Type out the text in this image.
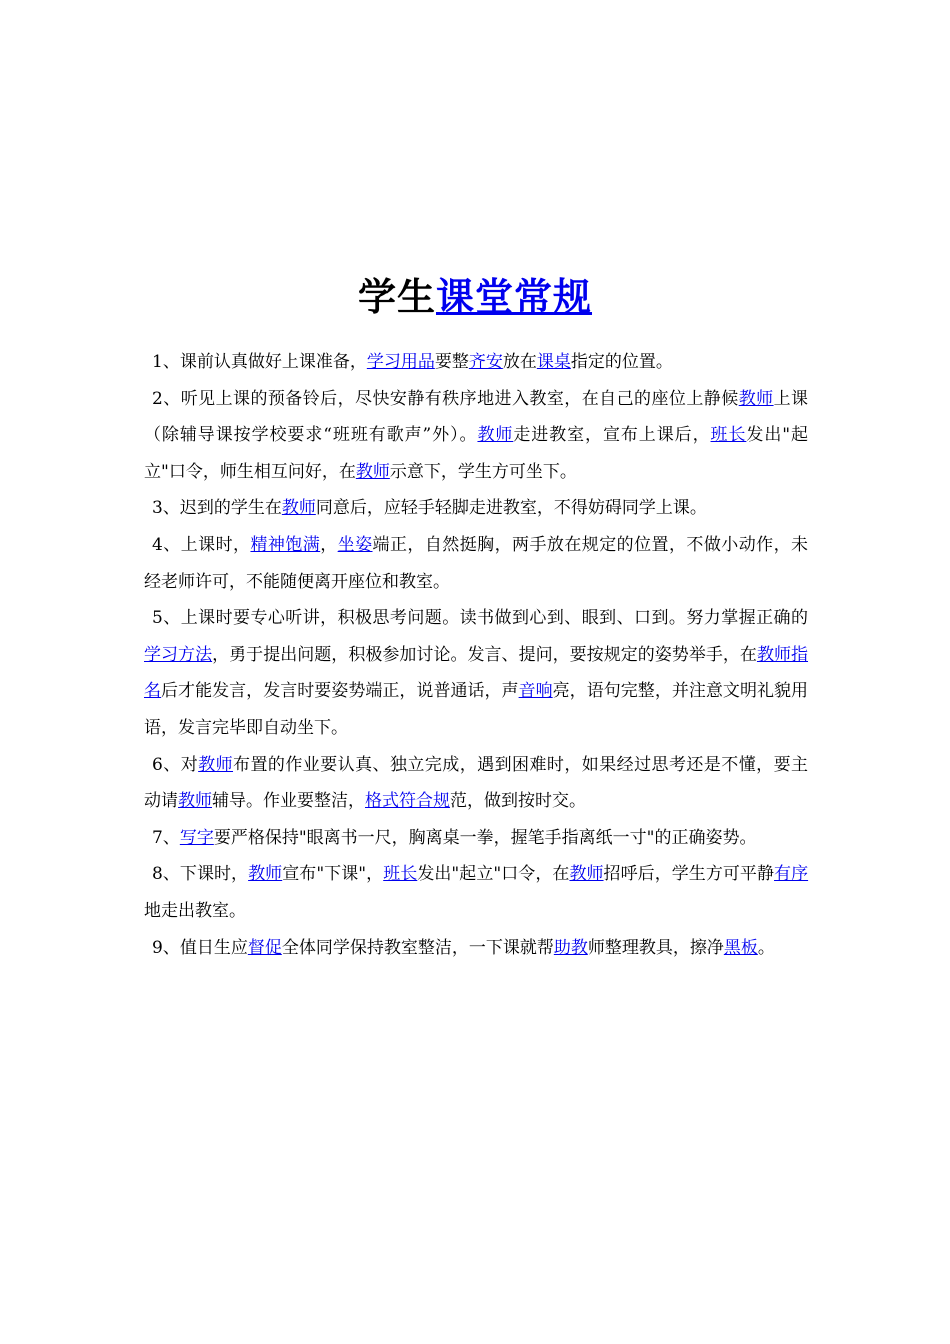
学生课堂常规

1、课前认真做好上课准备，学习用品要整齐安放在课桌指定的位置。

2、听见上课的预备铃后，尽快安静有秩序地进入教室，在自己的座位上静候教师上课（除辅导课按学校要求“班班有歌声”外）。教师走进教室，宣布上课后，班长发出"起立"口令，师生相互问好，在教师示意下，学生方可坐下。

3、迟到的学生在教师同意后，应轻手轻脚走进教室，不得妨碍同学上课。

4、上课时，精神饱满，坐姿端正，自然挺胸，两手放在规定的位置，不做小动作，未经老师许可，不能随便离开座位和教室。

5、上课时要专心听讲，积极思考问题。读书做到心到、眼到、口到。努力掌握正确的学习方法，勇于提出问题，积极参加讨论。发言、提问，要按规定的姿势举手，在教师指名后才能发言，发言时要姿势端正，说普通话，声音响亮，语句完整，并注意文明礼貌用语，发言完毕即自动坐下。

6、对教师布置的作业要认真、独立完成，遇到困难时，如果经过思考还是不懂，要主动请教师辅导。作业要整洁，格式符合规范，做到按时交。

7、写字要严格保持"眼离书一尺，胸离桌一拳，握笔手指离纸一寸"的正确姿势。

8、下课时，教师宣布"下课"，班长发出"起立"口令，在教师招呼后，学生方可平静有序地走出教室。

9、值日生应督促全体同学保持教室整洁，一下课就帮助教师整理教具，擦净黑板。
